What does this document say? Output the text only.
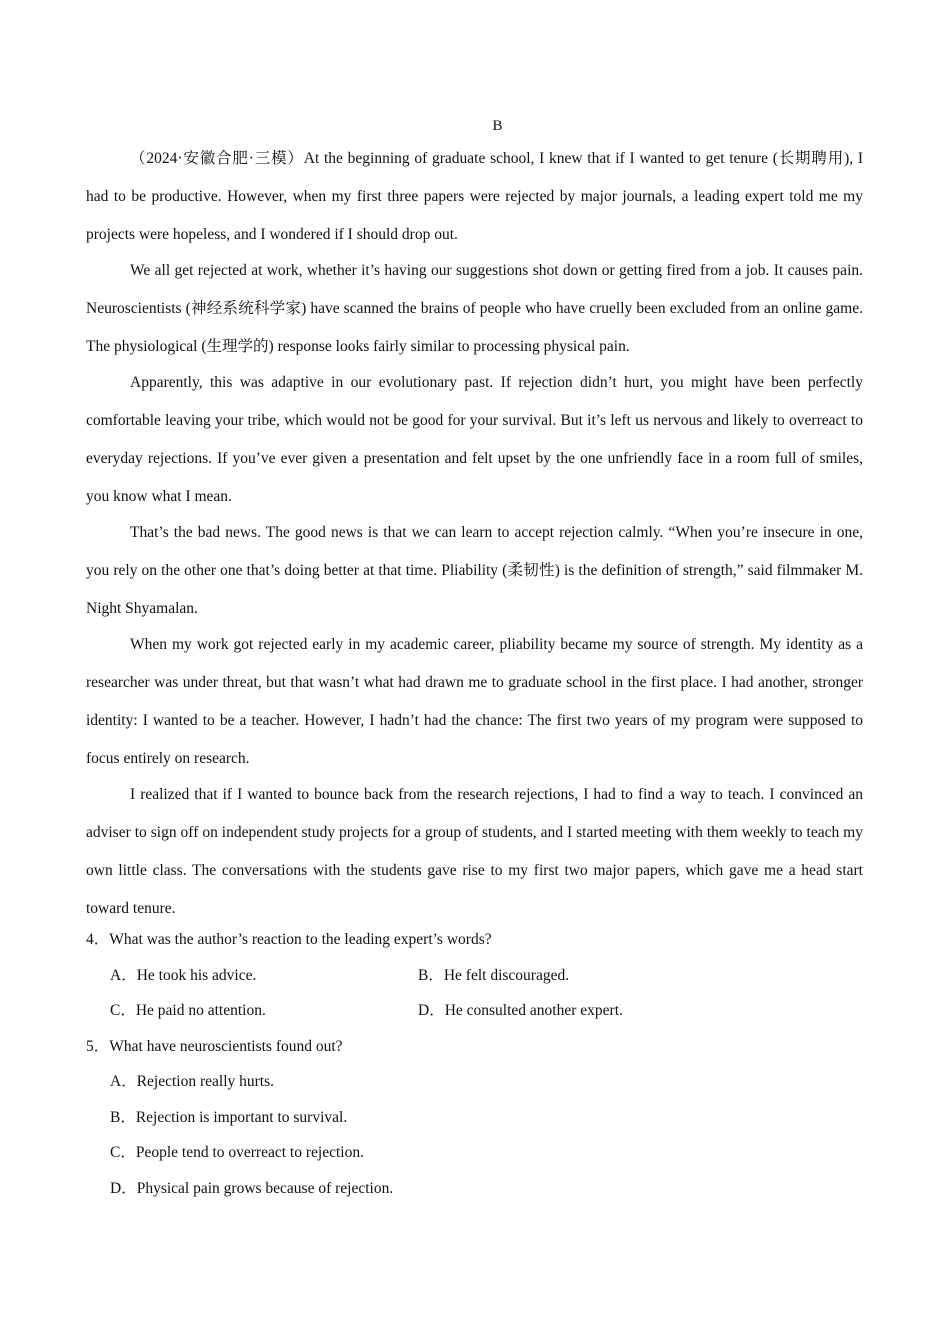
B

（2024·安徽合肥·三模）At the beginning of graduate school, I knew that if I wanted to get tenure (长期聘用), I had to be productive. However, when my first three papers were rejected by major journals, a leading expert told me my projects were hopeless, and I wondered if I should drop out.

We all get rejected at work, whether it’s having our suggestions shot down or getting fired from a job. It causes pain. Neuroscientists (神经系统科学家) have scanned the brains of people who have cruelly been excluded from an online game. The physiological (生理学的) response looks fairly similar to processing physical pain.

Apparently, this was adaptive in our evolutionary past. If rejection didn’t hurt, you might have been perfectly comfortable leaving your tribe, which would not be good for your survival. But it’s left us nervous and likely to overreact to everyday rejections. If you’ve ever given a presentation and felt upset by the one unfriendly face in a room full of smiles, you know what I mean.

That’s the bad news. The good news is that we can learn to accept rejection calmly. “When you’re insecure in one, you rely on the other one that’s doing better at that time. Pliability (柔韧性) is the definition of strength,” said filmmaker M. Night Shyamalan.

When my work got rejected early in my academic career, pliability became my source of strength. My identity as a researcher was under threat, but that wasn’t what had drawn me to graduate school in the first place. I had another, stronger identity: I wanted to be a teacher. However, I hadn’t had the chance: The first two years of my program were supposed to focus entirely on research.

I realized that if I wanted to bounce back from the research rejections, I had to find a way to teach. I convinced an adviser to sign off on independent study projects for a group of students, and I started meeting with them weekly to teach my own little class. The conversations with the students gave rise to my first two major papers, which gave me a head start toward tenure.

4．What was the author’s reaction to the leading expert’s words?

A．He took his advice.	B．He felt discouraged.
C．He paid no attention.	D．He consulted another expert.

5．What have neuroscientists found out?

A．Rejection really hurts.

B．Rejection is important to survival.

C．People tend to overreact to rejection.

D．Physical pain grows because of rejection.
